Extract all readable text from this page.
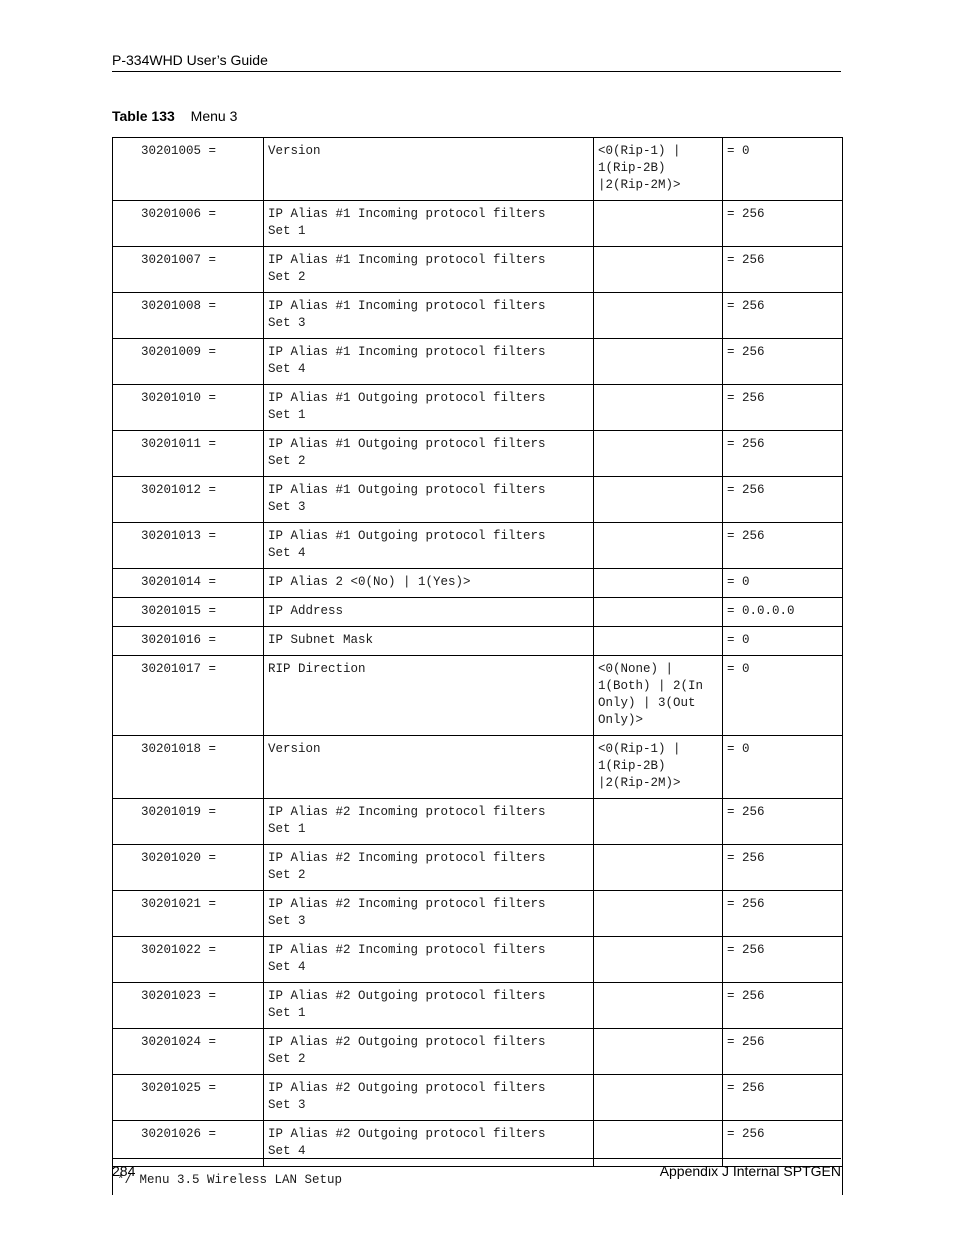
P-334WHD User’s Guide
Table 133 Menu 3
30201005 =	Version	<0(Rip-1) |
1(Rip-2B)
|2(Rip-2M)>	= 0
30201006 =	IP Alias #1 Incoming protocol filters
Set 1		= 256
30201007 =	IP Alias #1 Incoming protocol filters
Set 2		= 256
30201008 =	IP Alias #1 Incoming protocol filters
Set 3		= 256
30201009 =	IP Alias #1 Incoming protocol filters
Set 4		= 256
30201010 =	IP Alias #1 Outgoing protocol filters
Set 1		= 256
30201011 =	IP Alias #1 Outgoing protocol filters
Set 2		= 256
30201012 =	IP Alias #1 Outgoing protocol filters
Set 3		= 256
30201013 =	IP Alias #1 Outgoing protocol filters
Set 4		= 256
30201014 =	IP Alias 2 <0(No) | 1(Yes)>		= 0
30201015 =	IP Address		= 0.0.0.0
30201016 =	IP Subnet Mask		= 0
30201017 =	RIP Direction	<0(None) |
1(Both) | 2(In
Only) | 3(Out
Only)>	= 0
30201018 =	Version	<0(Rip-1) |
1(Rip-2B)
|2(Rip-2M)>	= 0
30201019 =	IP Alias #2 Incoming protocol filters
Set 1		= 256
30201020 =	IP Alias #2 Incoming protocol filters
Set 2		= 256
30201021 =	IP Alias #2 Incoming protocol filters
Set 3		= 256
30201022 =	IP Alias #2 Incoming protocol filters
Set 4		= 256
30201023 =	IP Alias #2 Outgoing protocol filters
Set 1		= 256
30201024 =	IP Alias #2 Outgoing protocol filters
Set 2		= 256
30201025 =	IP Alias #2 Outgoing protocol filters
Set 3		= 256
30201026 =	IP Alias #2 Outgoing protocol filters
Set 4		= 256
*/ Menu 3.5 Wireless LAN Setup			
284	Appendix J Internal SPTGEN
